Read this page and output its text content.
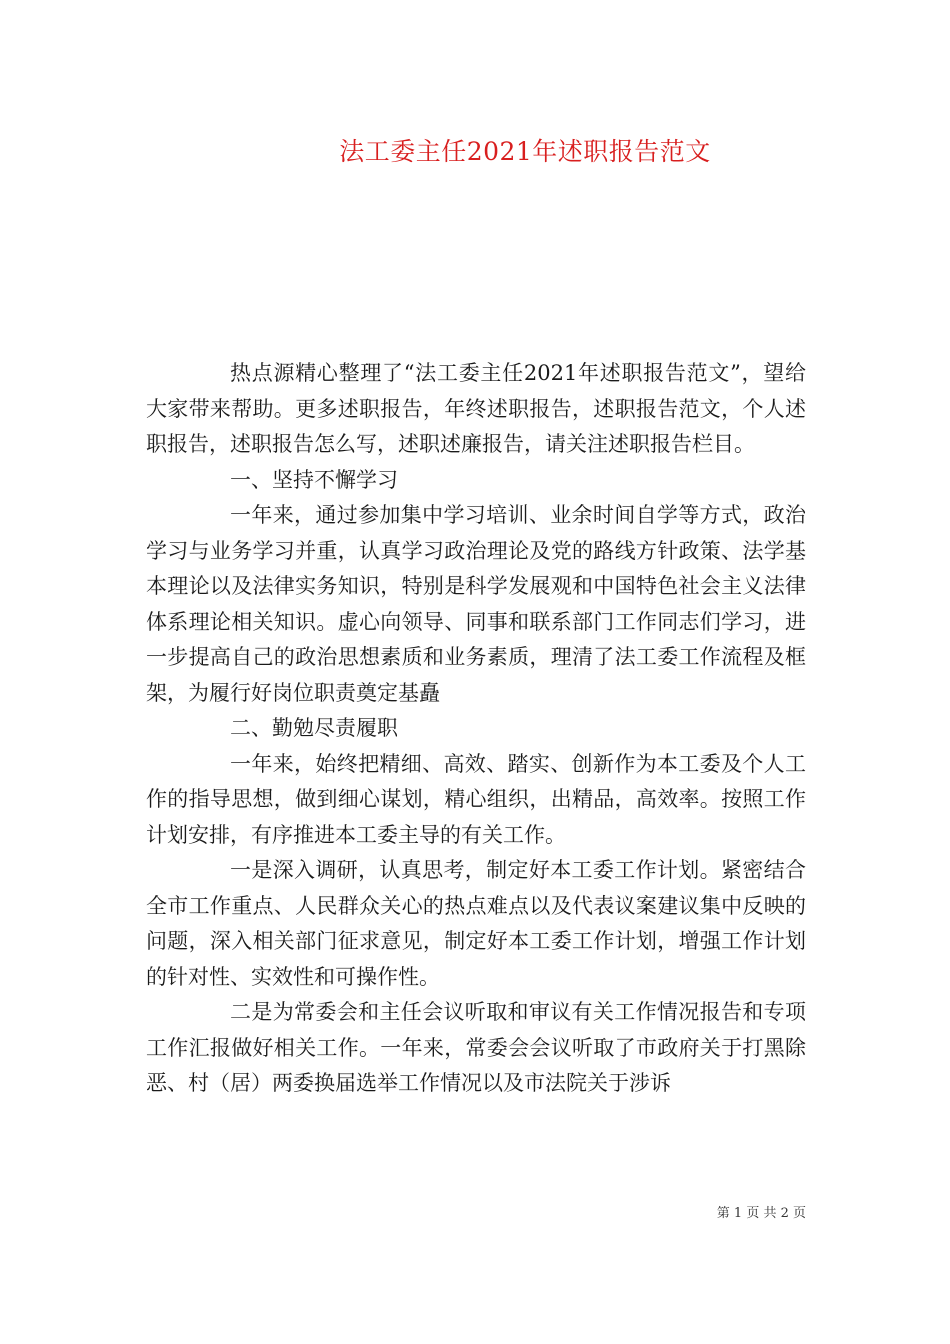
法工委主任2021年述职报告范文

热点源精心整理了“法工委主任2021年述职报告范文”，望给大家带来帮助。更多述职报告，年终述职报告，述职报告范文，个人述职报告，述职报告怎么写，述职述廉报告，请关注述职报告栏目。

一、坚持不懈学习

一年来，通过参加集中学习培训、业余时间自学等方式，政治学习与业务学习并重，认真学习政治理论及党的路线方针政策、法学基本理论以及法律实务知识，特别是科学发展观和中国特色社会主义法律体系理论相关知识。虚心向领导、同事和联系部门工作同志们学习，进一步提高自己的政治思想素质和业务素质，理清了法工委工作流程及框架，为履行好岗位职责奠定基矗

二、勤勉尽责履职

一年来，始终把精细、高效、踏实、创新作为本工委及个人工作的指导思想，做到细心谋划，精心组织，出精品，高效率。按照工作计划安排，有序推进本工委主导的有关工作。

一是深入调研，认真思考，制定好本工委工作计划。紧密结合全市工作重点、人民群众关心的热点难点以及代表议案建议集中反映的问题，深入相关部门征求意见，制定好本工委工作计划，增强工作计划的针对性、实效性和可操作性。

二是为常委会和主任会议听取和审议有关工作情况报告和专项工作汇报做好相关工作。一年来，常委会会议听取了市政府关于打黑除恶、村（居）两委换届选举工作情况以及市法院关于涉诉

第 1 页 共 2 页
